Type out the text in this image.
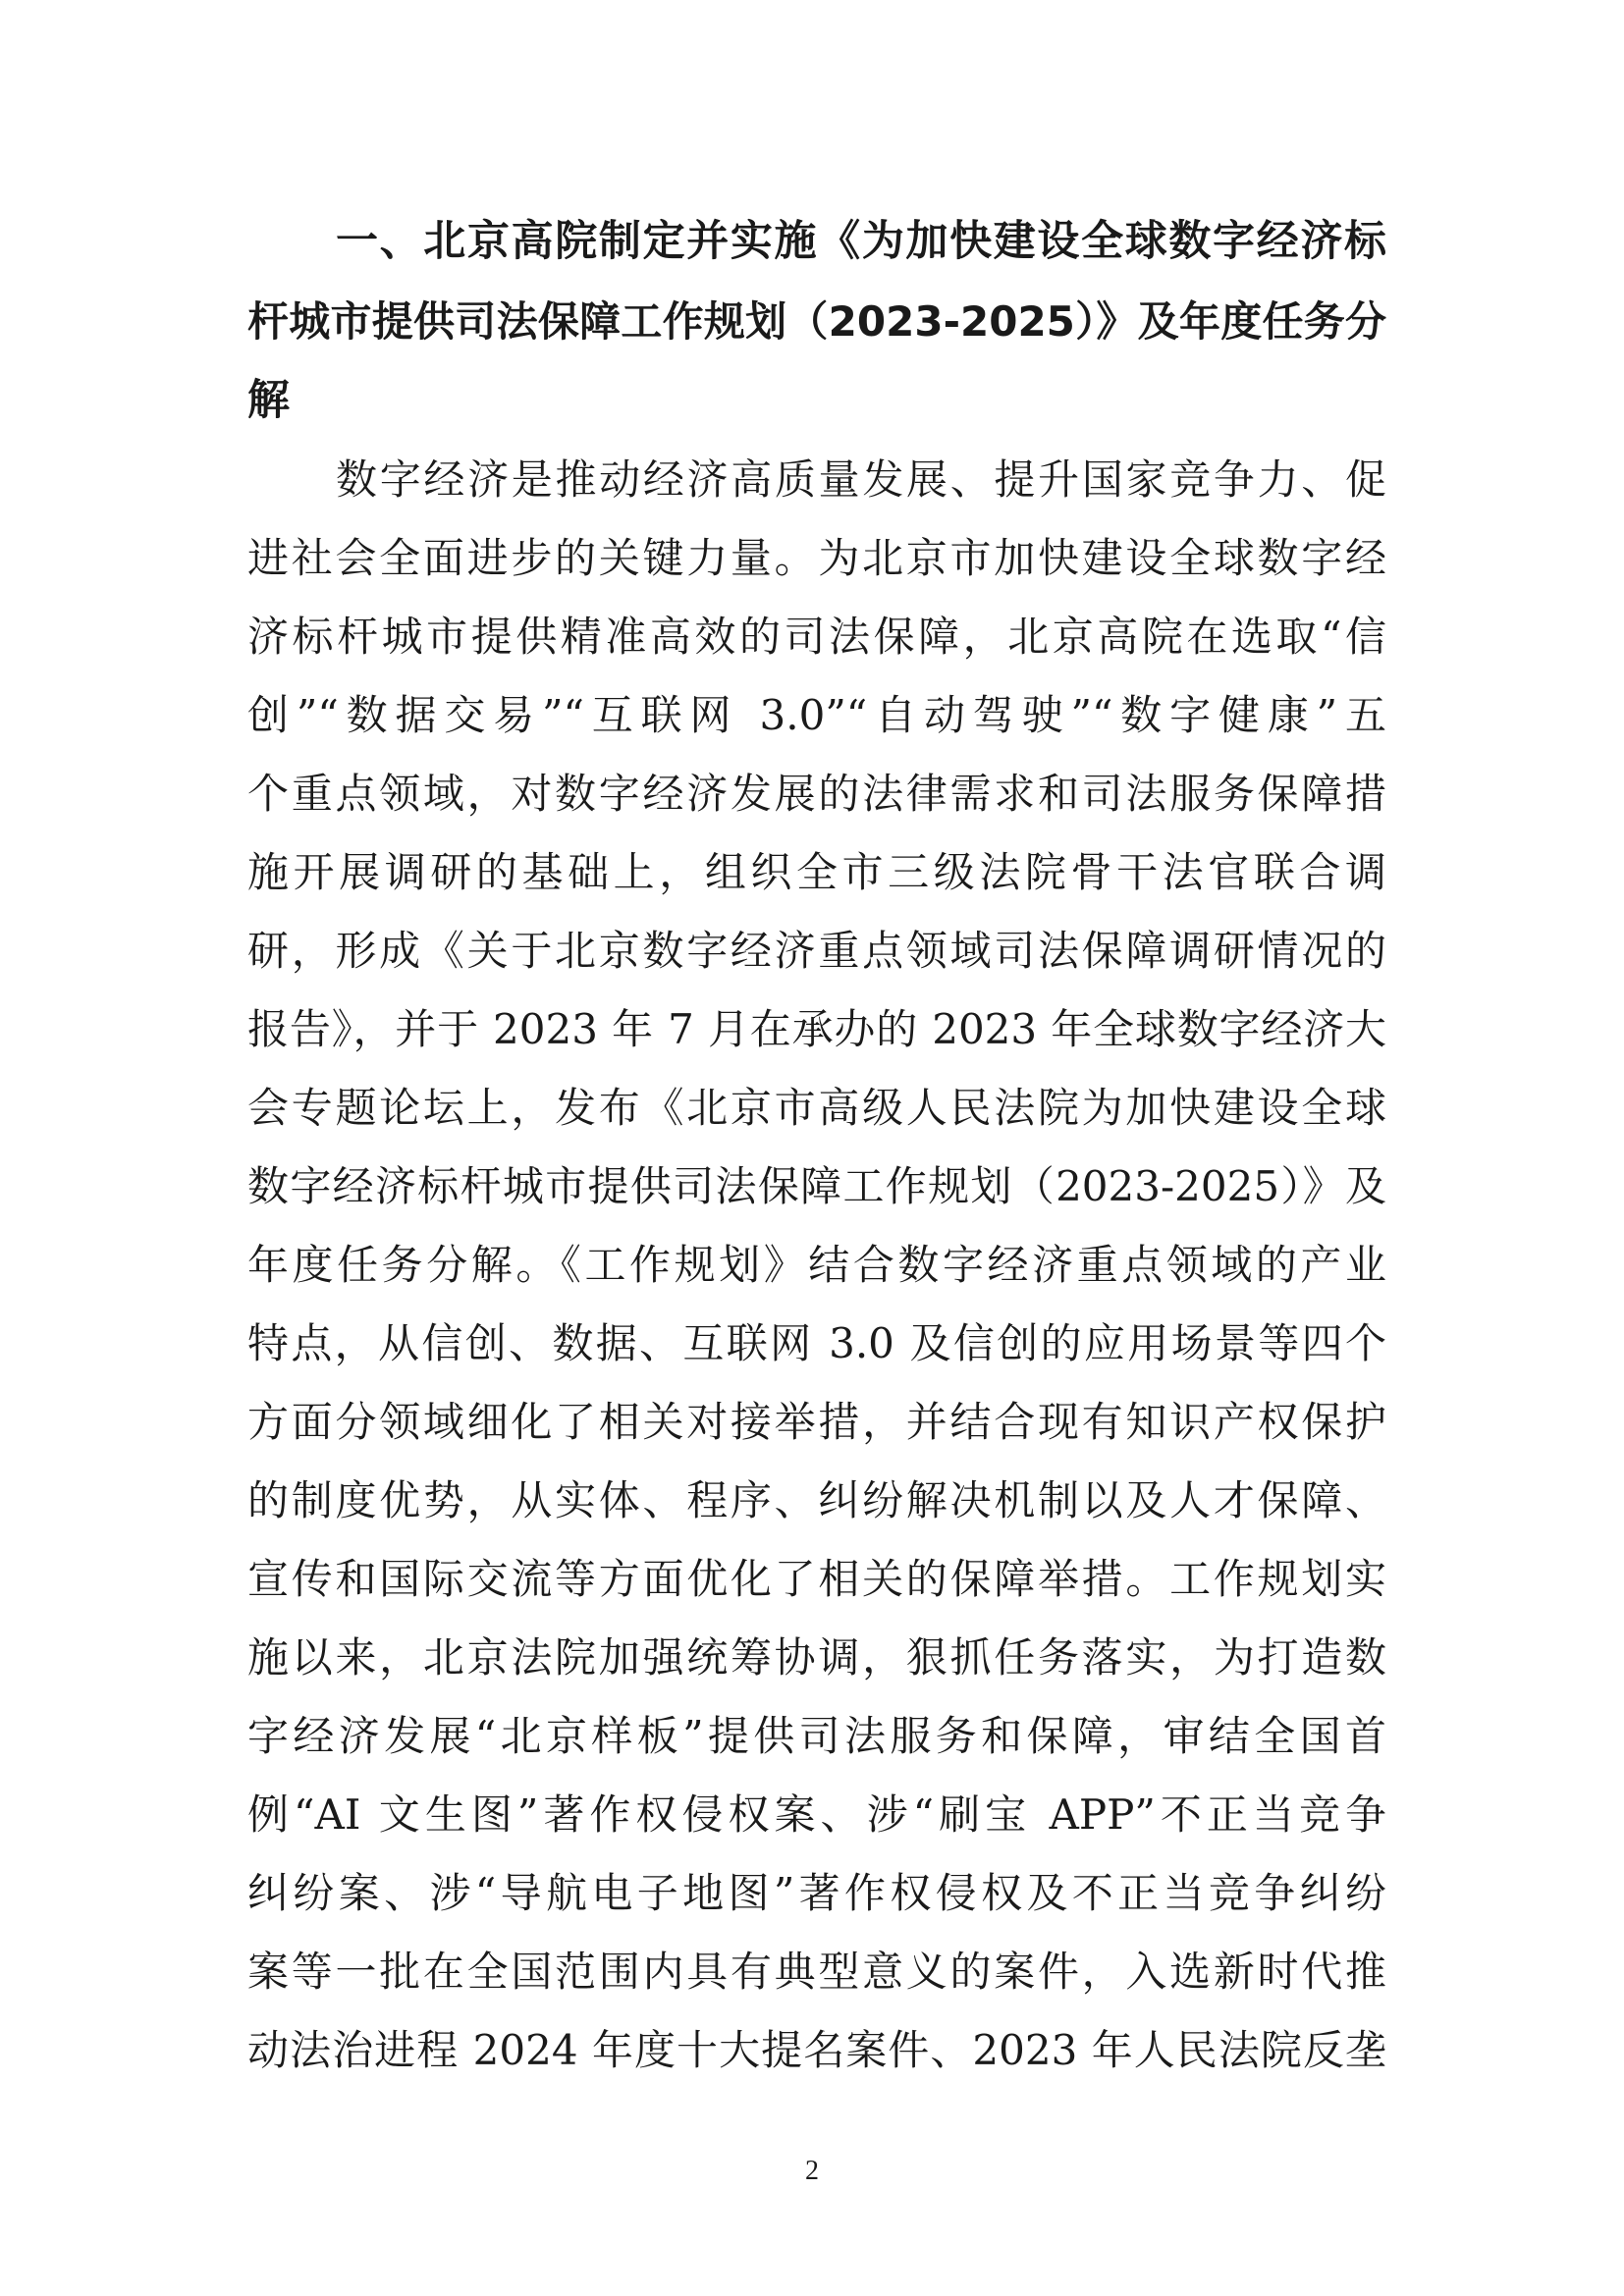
一、北京高院制定并实施《为加快建设全球数字经济标
杆城市提供司法保障工作规划（2023-2025）》及年度任务分
解
数字经济是推动经济高质量发展、提升国家竞争力、促
进社会全面进步的关键力量。为北京市加快建设全球数字经
济标杆城市提供精准高效的司法保障，北京高院在选取“信
创”“数据交易”“互联网 3.0”“自动驾驶”“数字健康”五
个重点领域，对数字经济发展的法律需求和司法服务保障措
施开展调研的基础上，组织全市三级法院骨干法官联合调
研，形成《关于北京数字经济重点领域司法保障调研情况的
报告》，并于 2023 年 7 月在承办的 2023 年全球数字经济大
会专题论坛上，发布《北京市高级人民法院为加快建设全球
数字经济标杆城市提供司法保障工作规划（2023-2025）》及
年度任务分解。《工作规划》结合数字经济重点领域的产业
特点，从信创、数据、互联网 3.0 及信创的应用场景等四个
方面分领域细化了相关对接举措，并结合现有知识产权保护
的制度优势，从实体、程序、纠纷解决机制以及人才保障、
宣传和国际交流等方面优化了相关的保障举措。工作规划实
施以来，北京法院加强统筹协调，狠抓任务落实，为打造数
字经济发展“北京样板”提供司法服务和保障，审结全国首
例“AI 文生图”著作权侵权案、涉“刷宝 APP”不正当竞争
纠纷案、涉“导航电子地图”著作权侵权及不正当竞争纠纷
案等一批在全国范围内具有典型意义的案件，入选新时代推
动法治进程 2024 年度十大提名案件、2023 年人民法院反垄
2
